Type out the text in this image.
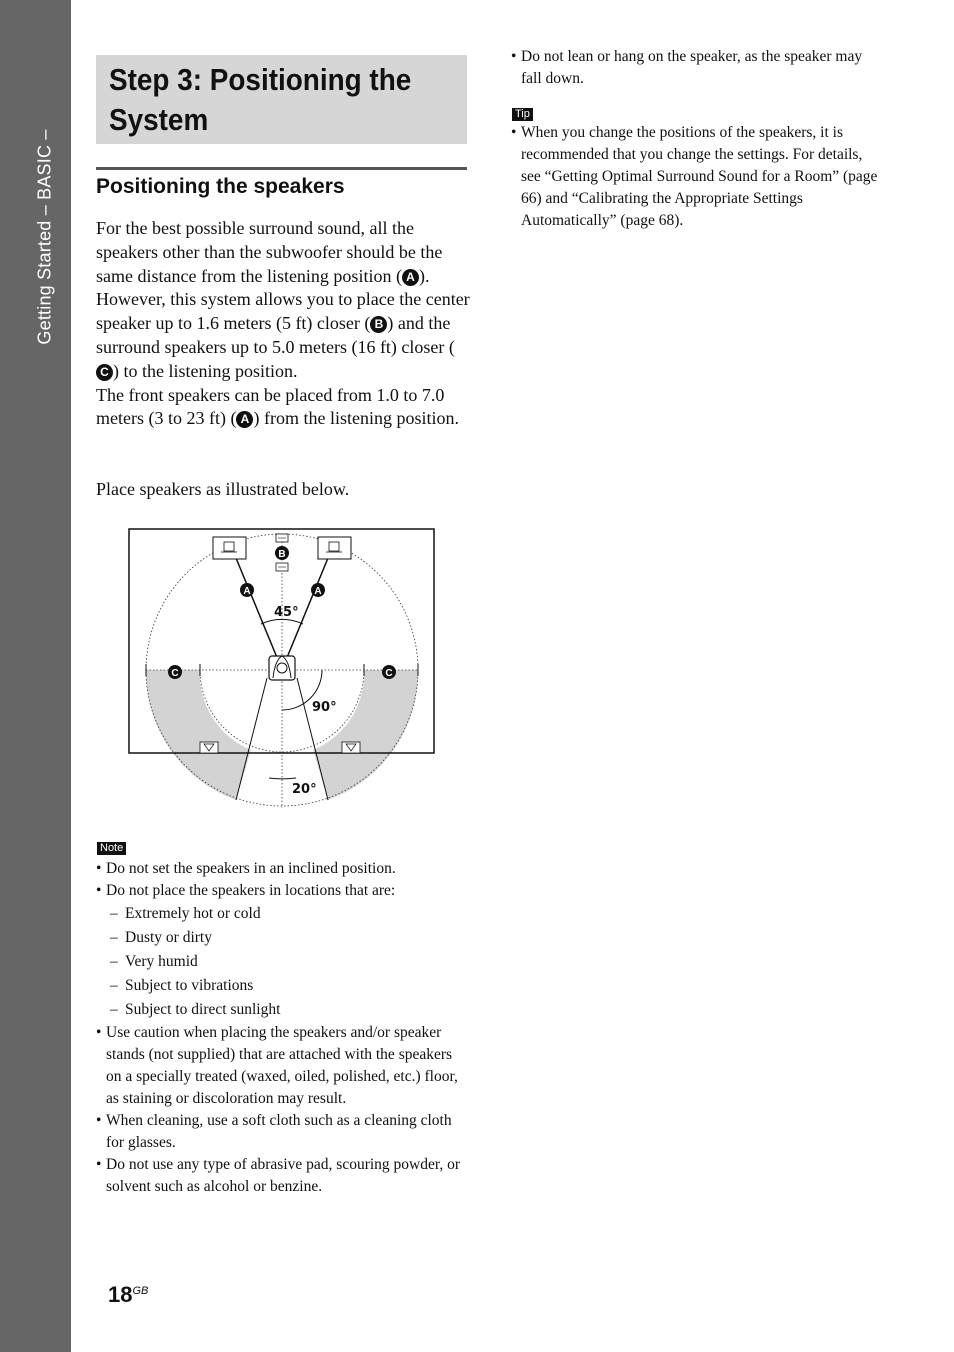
Getting Started – BASIC –
Step 3: Positioning the
System
Positioning the speakers

For the best possible surround sound, all the speakers other than the subwoofer should be the same distance from the listening position ( A ). However, this system allows you to place the center speaker up to 1.6 meters (5 ft) closer ( B ) and the surround speakers up to 5.0 meters (16 ft) closer (C ) to the listening position.

The front speakers can be placed from 1.0 to 7.0 meters (3 to 23 ft) ( A ) from the listening position.

Place speakers as illustrated below.
B
A	A
C	C
45°
90°
20°
Note
• Do not set the speakers in an inclined position.
• Do not place the speakers in locations that are:
– Extremely hot or cold
– Dusty or dirty
– Very humid
– Subject to vibrations
– Subject to direct sunlight
• Use caution when placing the speakers and/or speaker stands (not supplied) that are attached with the speakers on a specially treated (waxed, oiled, polished, etc.) floor, as staining or discoloration may result.
• When cleaning, use a soft cloth such as a cleaning cloth for glasses.
• Do not use any type of abrasive pad, scouring powder, or solvent such as alcohol or benzine.
• Do not lean or hang on the speaker, as the speaker may fall down.
Tip
• When you change the positions of the speakers, it is recommended that you change the settings. For details, see “Getting Optimal Surround Sound for a Room” (page 66) and “Calibrating the Appropriate Settings Automatically” (page 68).
$18^{GB}$
